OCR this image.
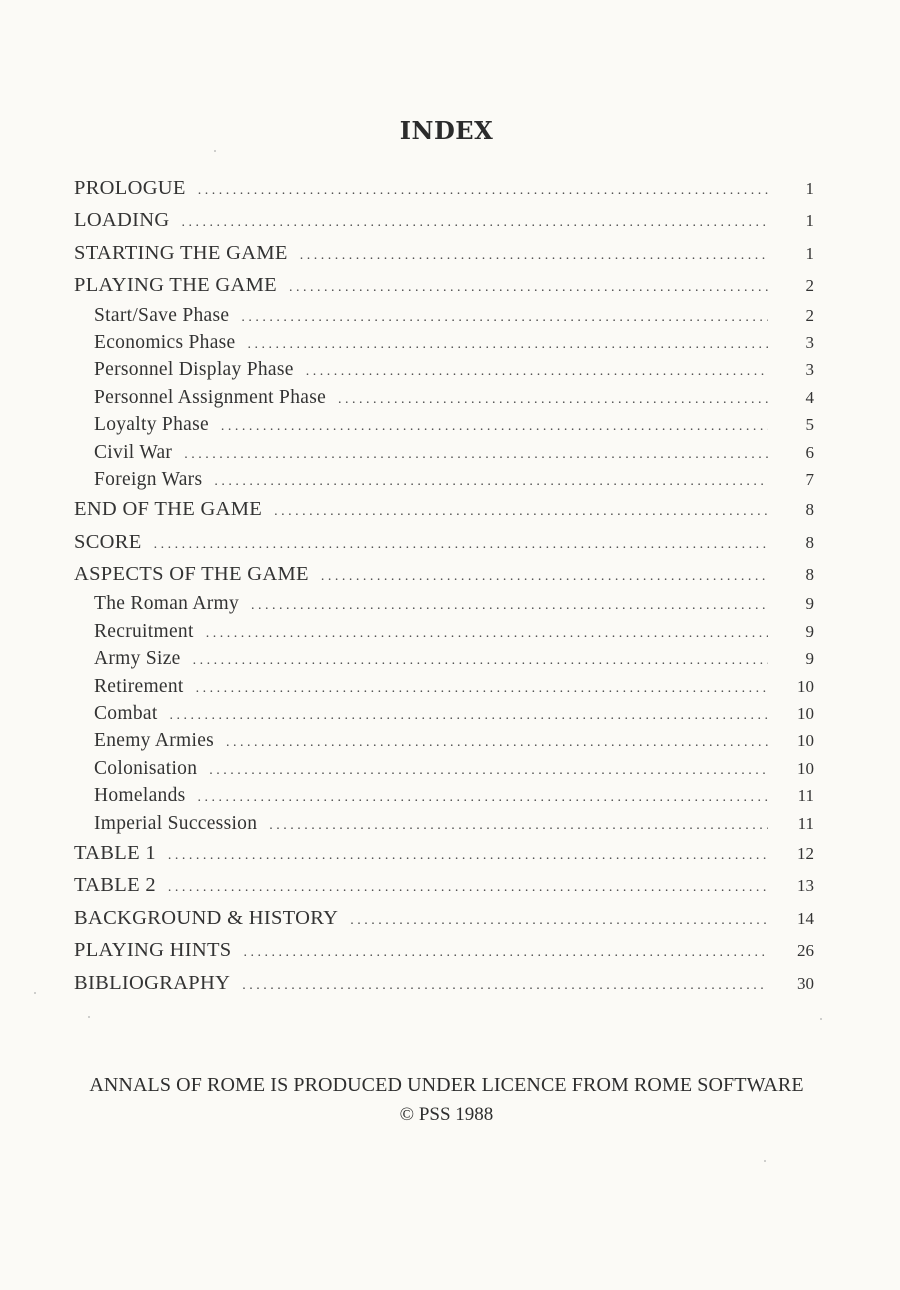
INDEX
PROLOGUE . . .	1
LOADING . . .	1
STARTING THE GAME . . .	1
PLAYING THE GAME . . .	2
Start/Save Phase . . .	2
Economics Phase . . .	3
Personnel Display Phase . . .	3
Personnel Assignment Phase . . .	4
Loyalty Phase . . .	5
Civil War . . .	6
Foreign Wars . . .	7
END OF THE GAME . . .	8
SCORE . . .	8
ASPECTS OF THE GAME . . .	8
The Roman Army . . .	9
Recruitment . . .	9
Army Size . . .	9
Retirement . . .	10
Combat . . .	10
Enemy Armies . . .	10
Colonisation . . .	10
Homelands . . .	11
Imperial Succession . . .	11
TABLE 1 . . .	12
TABLE 2 . . .	13
BACKGROUND & HISTORY . . .	14
PLAYING HINTS . . .	26
BIBLIOGRAPHY . . .	30
ANNALS OF ROME IS PRODUCED UNDER LICENCE FROM ROME SOFTWARE
© PSS 1988
